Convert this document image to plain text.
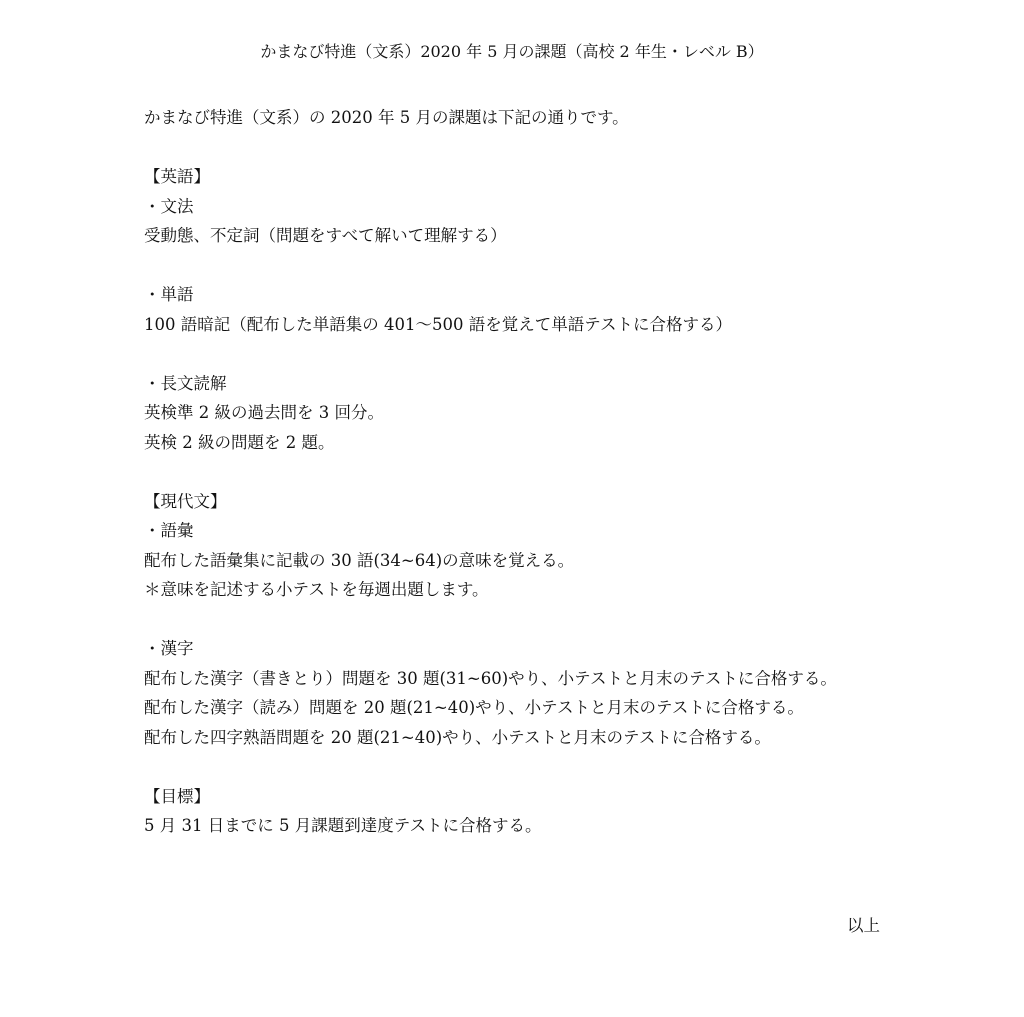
かまなび特進（文系）2020 年 5 月の課題（高校 2 年生・レベル B）
かまなび特進（文系）の 2020 年 5 月の課題は下記の通りです。
【英語】
・文法
受動態、不定詞（問題をすべて解いて理解する）
・単語
100 語暗記（配布した単語集の 401〜500 語を覚えて単語テストに合格する）
・長文読解
英検準 2 級の過去問を 3 回分。
英検 2 級の問題を 2 題。
【現代文】
・語彙
配布した語彙集に記載の 30 語(34~64)の意味を覚える。
＊意味を記述する小テストを毎週出題します。
・漢字
配布した漢字（書きとり）問題を 30 題(31~60)やり、小テストと月末のテストに合格する。
配布した漢字（読み）問題を 20 題(21~40)やり、小テストと月末のテストに合格する。
配布した四字熟語問題を 20 題(21~40)やり、小テストと月末のテストに合格する。
【目標】
5 月 31 日までに 5 月課題到達度テストに合格する。
以上
